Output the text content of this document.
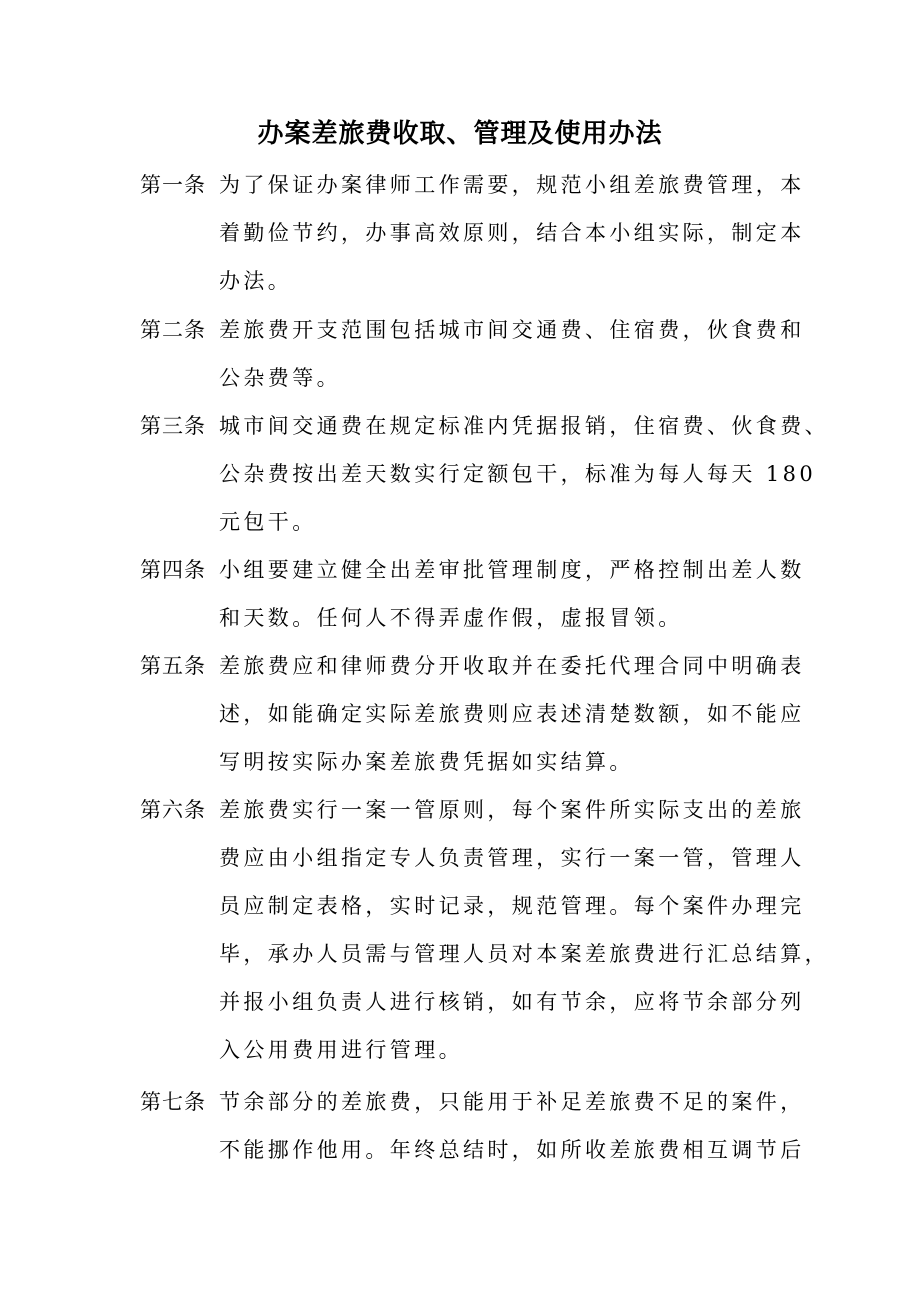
办案差旅费收取、管理及使用办法
第一条 为了保证办案律师工作需要，规范小组差旅费管理，本
着勤俭节约，办事高效原则，结合本小组实际，制定本
办法。
第二条 差旅费开支范围包括城市间交通费、住宿费，伙食费和
公杂费等。
第三条 城市间交通费在规定标准内凭据报销，住宿费、伙食费、
公杂费按出差天数实行定额包干，标准为每人每天 180
元包干。
第四条 小组要建立健全出差审批管理制度，严格控制出差人数
和天数。任何人不得弄虚作假，虚报冒领。
第五条 差旅费应和律师费分开收取并在委托代理合同中明确表
述，如能确定实际差旅费则应表述清楚数额，如不能应
写明按实际办案差旅费凭据如实结算。
第六条 差旅费实行一案一管原则，每个案件所实际支出的差旅
费应由小组指定专人负责管理，实行一案一管，管理人
员应制定表格，实时记录，规范管理。每个案件办理完
毕，承办人员需与管理人员对本案差旅费进行汇总结算，
并报小组负责人进行核销，如有节余，应将节余部分列
入公用费用进行管理。
第七条 节余部分的差旅费，只能用于补足差旅费不足的案件，
不能挪作他用。年终总结时，如所收差旅费相互调节后
